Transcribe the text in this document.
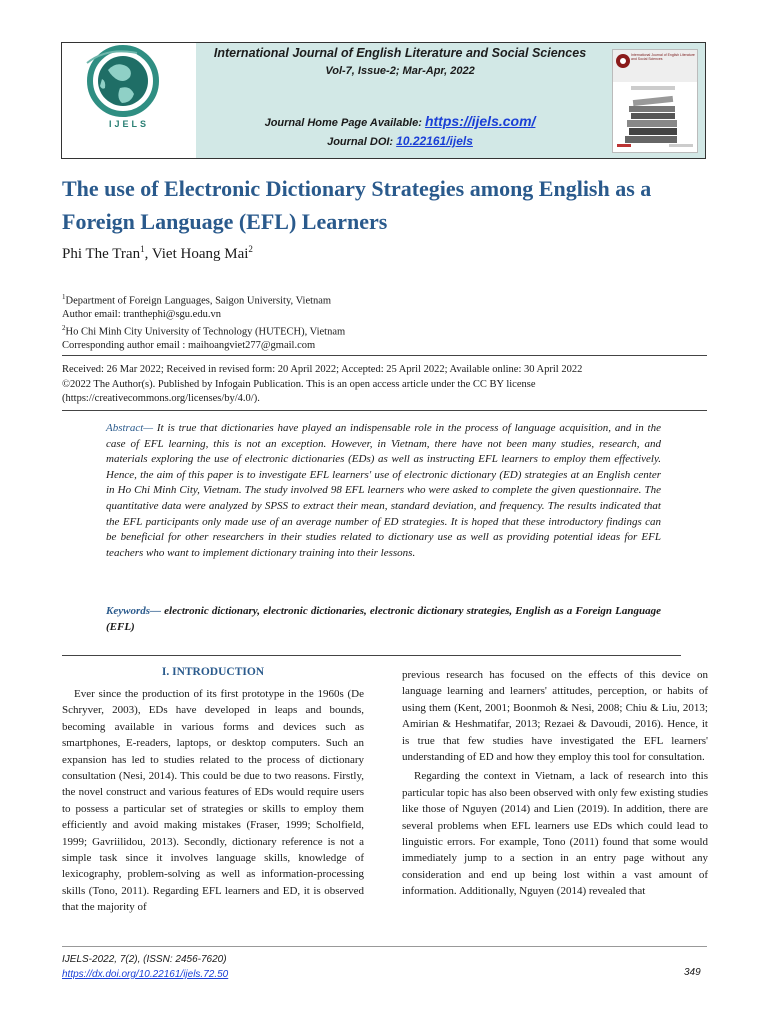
IJELS
International Journal of English Literature and Social Sciences
Vol-7, Issue-2; Mar-Apr, 2022
Journal Home Page Available: https://ijels.com/
Journal DOI: 10.22161/ijels
International Journal of English Literature and Social Sciences
The use of Electronic Dictionary Strategies among English as a Foreign Language (EFL) Learners
Phi The Tran$^1$, Viet Hoang Mai$^2$
$^1$Department of Foreign Languages, Saigon University, Vietnam
Author email: tranthephi@sgu.edu.vn
$^2$Ho Chi Minh City University of Technology (HUTECH), Vietnam
Corresponding author email : maihoangviet277@gmail.com
Received: 26 Mar 2022; Received in revised form: 20 April 2022; Accepted: 25 April 2022; Available online: 30 April 2022
©2022 The Author(s). Published by Infogain Publication. This is an open access article under the CC BY license
(https://creativecommons.org/licenses/by/4.0/).
Abstract— It is true that dictionaries have played an indispensable role in the process of language acquisition, and in the case of EFL learning, this is not an exception. However, in Vietnam, there have not been many studies, research, and materials exploring the use of electronic dictionaries (EDs) as well as instructing EFL learners to employ them effectively. Hence, the aim of this paper is to investigate EFL learners' use of electronic dictionary (ED) strategies at an English center in Ho Chi Minh City, Vietnam. The study involved 98 EFL learners who were asked to complete the given questionnaire. The quantitative data were analyzed by SPSS to extract their mean, standard deviation, and frequency. The results indicated that the EFL participants only made use of an average number of ED strategies. It is hoped that these introductory findings can be beneficial for other researchers in their studies related to dictionary use as well as providing potential ideas for EFL teachers who want to implement dictionary training into their lessons.
Keywords— electronic dictionary, electronic dictionaries, electronic dictionary strategies, English as a Foreign Language (EFL)
I. INTRODUCTION

Ever since the production of its first prototype in the 1960s (De Schryver, 2003), EDs have developed in leaps and bounds, becoming available in various forms and devices such as smartphones, E-readers, laptops, or desktop computers. Such an expansion has led to studies related to the process of dictionary consultation (Nesi, 2014). This could be due to two reasons. Firstly, the novel construct and various features of EDs would require users to possess a particular set of strategies or skills to employ them efficiently and avoid making mistakes (Fraser, 1999; Scholfield, 1999; Gavriilidou, 2013). Secondly, dictionary reference is not a simple task since it involves language skills, knowledge of lexicography, problem-solving as well as information-processing skills (Tono, 2011). Regarding EFL learners and ED, it is observed that the majority of

previous research has focused on the effects of this device on language learning and learners' attitudes, perception, or habits of using them (Kent, 2001; Boonmoh & Nesi, 2008; Chiu & Liu, 2013; Amirian & Heshmatifar, 2013; Rezaei & Davoudi, 2016). Hence, it is true that few studies have investigated the EFL learners' understanding of ED and how they employ this tool for consultation.

Regarding the context in Vietnam, a lack of research into this particular topic has also been observed with only few existing studies like those of Nguyen (2014) and Lien (2019). In addition, there are several problems when EFL learners use EDs which could lead to linguistic errors. For example, Tono (2011) found that some would immediately jump to a section in an entry page without any consideration and end up being lost within a vast amount of information. Additionally, Nguyen (2014) revealed that

IJELS-2022, 7(2), (ISSN: 2456-7620)
https://dx.doi.org/10.22161/ijels.72.50	349
